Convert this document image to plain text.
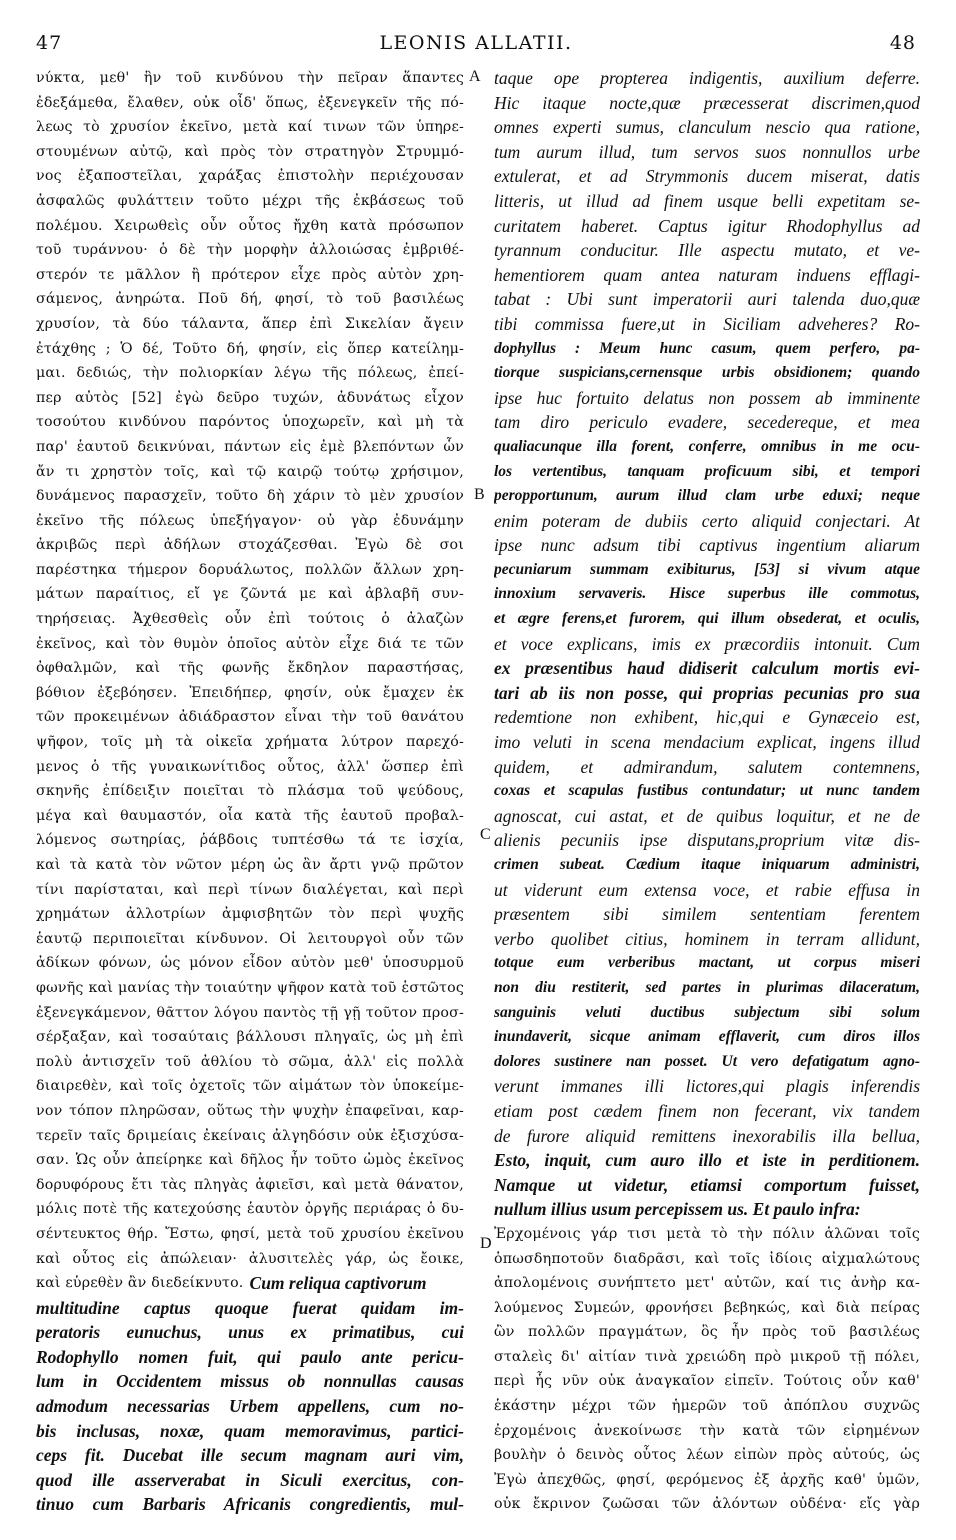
47	LEONIS ALLATII.	48
νύκτα, μεθ' ἣν τοῦ κινδύνου τὴν πεῖραν ἅπαντες
ἐδεξάμεθα, ἔλαθεν, οὐκ οἶδ' ὅπως, ἐξενεγκεῖν τῆς πό-
λεως τὸ χρυσίον ἐκεῖνο, μετὰ καί τινων τῶν ὑπηρε-
στουμένων αὐτῷ, καὶ πρὸς τὸν στρατηγὸν Στρυμμό-
νος ἐξαποστεῖλαι, χαράξας ἐπιστολὴν περιέχουσαν
ἀσφαλῶς φυλάττειν τοῦτο μέχρι τῆς ἐκβάσεως τοῦ
πολέμου. Χειρωθεὶς οὖν οὗτος ἤχθη κατὰ πρόσωπον
τοῦ τυράννου· ὁ δὲ τὴν μορφὴν ἀλλοιώσας ἐμβριθέ-
στερόν τε μᾶλλον ἢ πρότερον εἶχε πρὸς αὐτὸν χρη-
σάμενος, ἀνηρώτα. Ποῦ δή, φησί, τὸ τοῦ βασιλέως
χρυσίον, τὰ δύο τάλαντα, ἅπερ ἐπὶ Σικελίαν ἄγειν
ἐτάχθης ; Ὁ δέ, Τοῦτο δή, φησίν, εἰς ὅπερ κατείλημ-
μαι. δεδιώς, τὴν πολιορκίαν λέγω τῆς πόλεως, ἐπεί-
περ αὐτὸς [52] ἐγὼ δεῦρο τυχών, ἀδυνάτως εἶχον
τοσούτου κινδύνου παρόντος ὑποχωρεῖν, καὶ μὴ τὰ
παρ' ἑαυτοῦ δεικνύναι, πάντων εἰς ἐμὲ βλεπόντων ὧν
ἄν τι χρηστὸν τοῖς, καὶ τῷ καιρῷ τούτῳ χρήσιμον,
δυνάμενος παρασχεῖν, τοῦτο δὴ χάριν τὸ μὲν χρυσίον
ἐκεῖνο τῆς πόλεως ὑπεξήγαγον· οὐ γὰρ ἐδυνάμην
ἀκριβῶς περὶ ἀδήλων στοχάζεσθαι. Ἐγὼ δὲ σοι
παρέστηκα τήμερον δορυάλωτος, πολλῶν ἄλλων χρη-
μάτων παραίτιος, εἴ γε ζῶντά με καὶ ἀβλαβῆ συν-
τηρήσειας. Ἀχθεσθεὶς οὖν ἐπὶ τούτοις ὁ ἀλαζὼν
ἐκεῖνος, καὶ τὸν θυμὸν ὁποῖος αὐτὸν εἶχε διά τε τῶν
ὀφθαλμῶν, καὶ τῆς φωνῆς ἔκδηλον παραστήσας,
βόθιον ἐξεβόησεν. Ἐπειδήπερ, φησίν, οὐκ ἔμαχεν ἐκ
τῶν προκειμένων ἀδιάδραστον εἶναι τὴν τοῦ θανάτου
ψῆφον, τοῖς μὴ τὰ οἰκεῖα χρήματα λύτρον παρεχό-
μενος ὁ τῆς γυναικωνίτιδος οὗτος, ἀλλ' ὥσπερ ἐπὶ
σκηνῆς ἐπίδειξιν ποιεῖται τὸ πλάσμα τοῦ ψεύδους,
μέγα καὶ θαυμαστόν, οἷα κατὰ τῆς ἑαυτοῦ προβαλ-
λόμενος σωτηρίας, ῥάβδοις τυπτέσθω τά τε ἰσχία,
καὶ τὰ κατὰ τὸν νῶτον μέρη ὡς ἂν ἄρτι γνῷ πρῶτον
τίνι παρίσταται, καὶ περὶ τίνων διαλέγεται, καὶ περὶ
χρημάτων ἀλλοτρίων ἀμφισβητῶν τὸν περὶ ψυχῆς
ἑαυτῷ περιποιεῖται κίνδυνον. Οἱ λειτουργοὶ οὖν τῶν
ἀδίκων φόνων, ὡς μόνον εἶδον αὐτὸν μεθ' ὑποσυρμοῦ
φωνῆς καὶ μανίας τὴν τοιαύτην ψῆφον κατὰ τοῦ ἑστῶτος
ἐξενεγκάμενον, θᾶττον λόγου παντὸς τῇ γῇ τοῦτον προσ-
σέρξαξαν, καὶ τοσαύταις βάλλουσι πληγαῖς, ὡς μὴ ἐπὶ
πολὺ ἀντισχεῖν τοῦ ἀθλίου τὸ σῶμα, ἀλλ' εἰς πολλὰ
διαιρεθὲν, καὶ τοῖς ὀχετοῖς τῶν αἱμάτων τὸν ὑποκείμε-
νον τόπον πληρῶσαν, οὕτως τὴν ψυχὴν ἐπαφεῖναι, καρ-
τερεῖν ταῖς δριμείαις ἐκείναις ἀλγηδόσιν οὐκ ἐξισχύσα-
σαν. Ὡς οὖν ἀπείρηκε καὶ δῆλος ἦν τοῦτο ὠμὸς ἐκεῖνος
δορυφόρους ἔτι τὰς πληγὰς ἀφιεῖσι, καὶ μετὰ θάνατον,
μόλις ποτὲ τῆς κατεχούσης ἑαυτὸν ὀργῆς περιάρας ὁ δυ-
σέντευκτος θήρ. Ἔστω, φησί, μετὰ τοῦ χρυσίου ἐκεῖνου
καὶ οὗτος εἰς ἀπώλειαν· ἀλυσιτελὲς γάρ, ὡς ἔοικε,
καὶ εὑρεθὲν ἂν διεδείκνυτο. Cum reliqua captivorum
multitudine captus quoque fuerat quidam im-
peratoris eunuchus, unus ex primatibus, cui
Rodophyllo nomen fuit, qui paulo ante pericu-
lum in Occidentem missus ob nonnullas causas
admodum necessarias Urbem appellens, cum no-
bis inclusas, noxæ, quam memoravimus, partici-
ceps fit. Ducebat ille secum magnam auri vim,
quod ille asserverabat in Siculi exercitus, con-
tinuo cum Barbaris Africanis congredientis, mul-
taque ope propterea indigentis, auxilium deferre.
Hic itaque nocte,quæ præcesserat discrimen,quod
omnes experti sumus, clanculum nescio qua ratione,
tum aurum illud, tum servos suos nonnullos urbe
extulerat, et ad Strymmonis ducem miserat, datis
litteris, ut illud ad finem usque belli expetitam se-
curitatem haberet. Captus igitur Rhodophyllus ad
tyrannum conducitur. Ille aspectu mutato, et ve-
hementiorem quam antea naturam induens efflagi-
tabat : Ubi sunt imperatorii auri talenda duo,quæ
tibi commissa fuere,ut in Siciliam adveheres? Ro-
dophyllus : Meum hunc casum, quem perfero, pa-
tiorque suspicians,cernensque urbis obsidionem; quando
ipse huc fortuito delatus non possem ab imminente
tam diro periculo evadere, secedereque, et mea
qualiacunque illa forent, conferre, omnibus in me ocu-
los vertentibus, tanquam proficuum sibi, et tempori
peropportunum, aurum illud clam urbe eduxi; neque
enim poteram de dubiis certo aliquid conjectari. At
ipse nunc adsum tibi captivus ingentium aliarum
pecuniarum summam exibiturus, [53] si vivum atque
innoxium servaveris. Hisce superbus ille commotus,
et ægre ferens,et furorem, qui illum obsederat, et oculis,
et voce explicans, imis ex præcordiis intonuit. Cum
ex præsentibus haud didiserit calculum mortis evi-
tari ab iis non posse, qui proprias pecunias pro sua
redemtione non exhibent, hic,qui e Gynæceio est,
imo veluti in scena mendacium explicat, ingens illud
quidem, et admirandum, salutem contemnens,
coxas et scapulas fustibus contundatur; ut nunc tandem
agnoscat, cui astat, et de quibus loquitur, et ne de
alienis pecuniis ipse disputans,proprium vitæ dis-
crimen subeat. Cædium itaque iniquarum administri,
ut viderunt eum extensa voce, et rabie effusa in
præsentem sibi similem sententiam ferentem
verbo quolibet citius, hominem in terram allidunt,
totque eum verberibus mactant, ut corpus miseri
non diu restiterit, sed partes in plurimas dilaceratum,
sanguinis veluti ductibus subjectum sibi solum
inundaverit, sicque animam efflaverit, cum diros illos
dolores sustinere nan posset. Ut vero defatigatum agno-
verunt immanes illi lictores,qui plagis inferendis
etiam post cædem finem non fecerant, vix tandem
de furore aliquid remittens inexorabilis illa bellua,
Esto, inquit, cum auro illo et iste in perditionem.
Namque ut videtur, etiamsi comportum fuisset,
nullum illius usum percepissem us. Et paulo infra:
Ἐρχομένοις γάρ τισι μετὰ τὸ τὴν πόλιν ἁλῶναι τοῖς
ὁπωσδηποτοῦν διαδρᾶσι, καὶ τοῖς ἰδίοις αἰχμαλώτους
ἀπολομένοις συνήπτετο μετ' αὐτῶν, καί τις ἀνὴρ κα-
λούμενος Συμεών, φρονήσει βεβηκώς, καὶ διὰ πείρας
ὢν πολλῶν πραγμάτων, ὃς ἦν πρὸς τοῦ βασιλέως
σταλεὶς δι' αἰτίαν τινὰ χρειώδη πρὸ μικροῦ τῇ πόλει,
περὶ ἧς νῦν οὐκ ἀναγκαῖον εἰπεῖν. Τούτοις οὖν καθ'
ἑκάστην μέχρι τῶν ἡμερῶν τοῦ ἀπόπλου συχνῶς
ἐρχομένοις ἀνεκοίνωσε τὴν κατὰ τῶν εἰρημένων
βουλὴν ὁ δεινὸς οὗτος λέων εἰπὼν πρὸς αὐτούς, ὡς
Ἐγὼ ἀπεχθῶς, φησί, φερόμενος ἐξ ἀρχῆς καθ' ὑμῶν,
οὐκ ἔκρινον ζωῶσαι τῶν ἀλόντων οὐδένα· εἴς γὰρ
A
B
C
D
